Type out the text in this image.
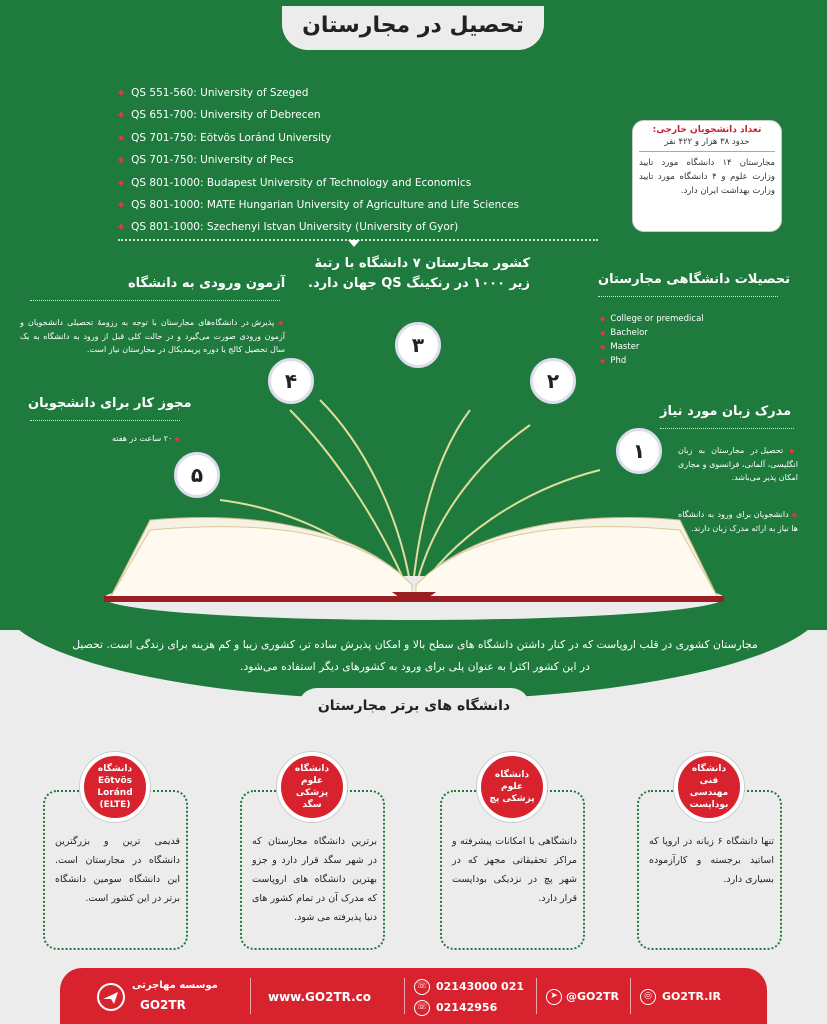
تحصیل در مجارستان
◆ QS 551-560: University of Szeged
◆ QS 651-700: University of Debrecen
◆ QS 701-750: Eötvös Loránd University
◆ QS 701-750: University of Pecs
◆ QS 801-1000: Budapest University of Technology and Economics
◆ QS 801-1000: MATE Hungarian University of Agriculture and Life Sciences
◆ QS 801-1000: Szechenyi Istvan University (University of Gyor)
تعداد دانشجویان خارجی:
حدود ۳۸ هزار و ۴۲۲ نفر
مجارستان ۱۴ دانشگاه مورد تایید وزارت علوم و ۴ دانشگاه مورد تایید وزارت بهداشت ایران دارد.
آزمون ورودی به دانشگاه
◆ پذیرش در دانشگاه‌های مجارستان با توجه به رزومهٔ تحصیلی دانشجویان و آزمون ورودی صورت می‌گیرد و در حالت کلی قبل از ورود به دانشگاه به یک سال تحصیل کالج یا دوره پریمدیکال در مجارستان نیاز است.
مجوز کار برای دانشجویان
◆ ۲۰ ساعت در هفته
کشور مجارستان ۷ دانشگاه با رتبهٔ زیر ۱۰۰۰ در رنکینگ QS جهان دارد.	تحصیلات دانشگاهی مجارستان
◆ College or premedical
◆ Bachelor
◆ Master
◆ Phd
مدرک زبان مورد نیاز
◆ تحصیل در مجارستان به زبان انگلیسی، آلمانی، فرانسوی و مجاری امکان پذیر می‌باشد.
◆ دانشجویان برای ورود به دانشگاه ها نیاز به ارائه مدرک زبان دارند.
۳
۴	۲
۵
۱
مجارستان کشوری در قلب اروپاست که در کنار داشتن دانشگاه های سطح بالا و امکان پذیرش ساده تر، کشوری زیبا و کم هزینه برای زندگی است. تحصیل در این کشور اکثرا به عنوان پلی برای ورود به کشورهای دیگر استفاده می‌شود.
دانشگاه های برتر مجارستان

قدیمی ترین و بزرگترین دانشگاه در مجارستان است. این دانشگاه سومین دانشگاه برتر در این کشور است.

برترین دانشگاه مجارستان که در شهر سگد قرار دارد و جزو بهترین دانشگاه های اروپاست که مدرک آن در تمام کشور های دنیا پذیرفته می شود.

دانشگاهی با امکانات پیشرفته و مراکز تحقیقاتی مجهز که در شهر پچ در نزدیکی بوداپست قرار دارد.

تنها دانشگاه ۶ زبانه در اروپا که اساتید برجسته و کارآزموده بسیاری دارد.

دانشگاه Eötvös Loránd (ELTE)
دانشگاه علوم پزشکی سگد
دانشگاه علوم پزشکی پچ
دانشگاه فنی مهندسی بوداپست
◎ GO2TR.IR
➤ @GO2TR
☏ 02143000 021
☏ 02142956
www.GO2TR.co
موسسه مهاجرتی
GO2TR
